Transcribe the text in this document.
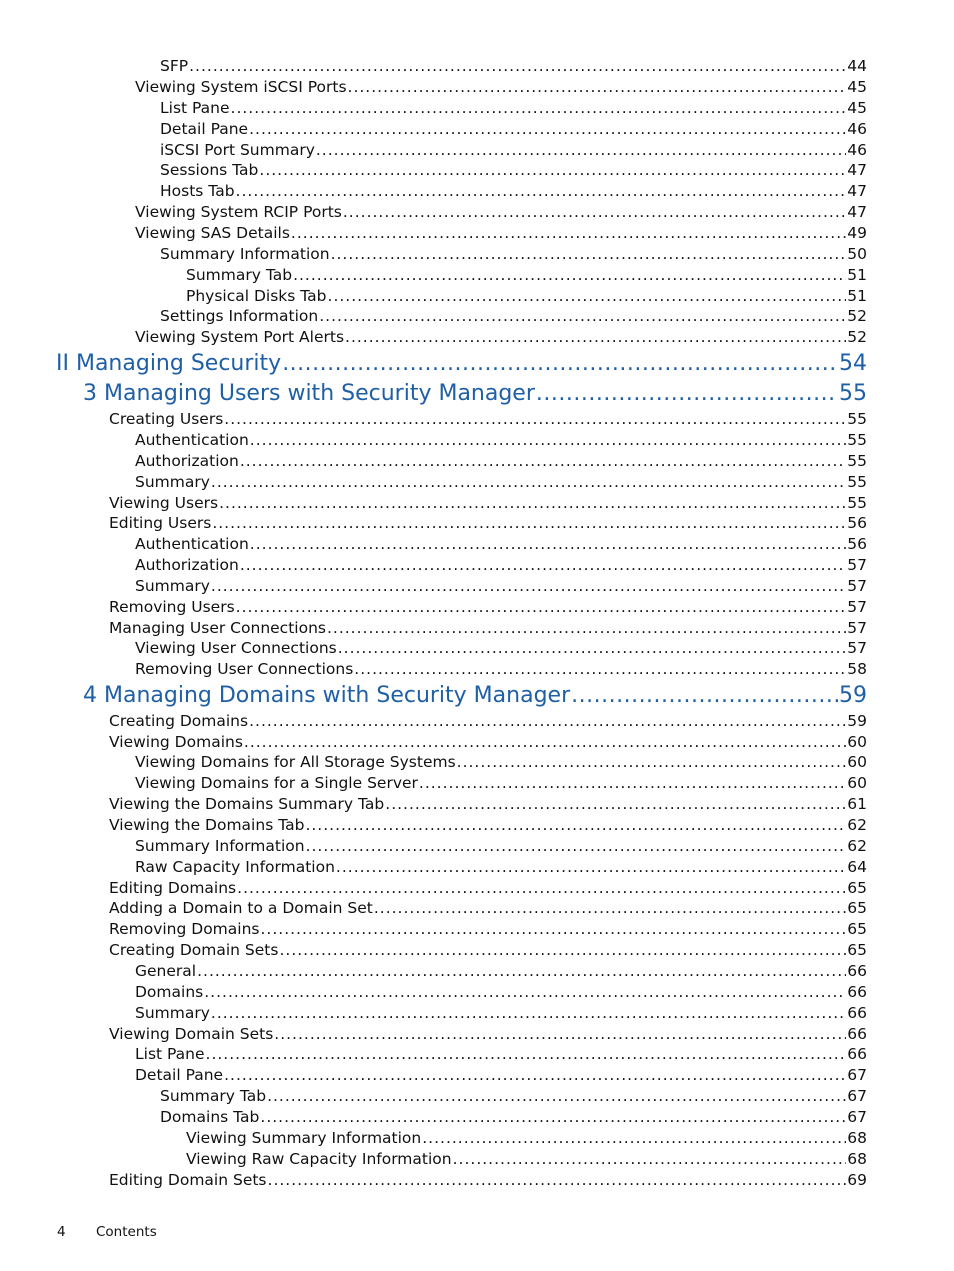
SFP .....	44
Viewing System iSCSI Ports .....	45
List Pane .....	45
Detail Pane .....	46
iSCSI Port Summary .....	46
Sessions Tab .....	47
Hosts Tab .....	47
Viewing System RCIP Ports .....	47
Viewing SAS Details .....	49
Summary Information .....	50
Summary Tab .....	51
Physical Disks Tab .....	51
Settings Information .....	52
Viewing System Port Alerts .....	52
II Managing Security .....	54
3 Managing Users with Security Manager .....	55
Creating Users .....	55
Authentication .....	55
Authorization .....	55
Summary .....	55
Viewing Users .....	55
Editing Users .....	56
Authentication .....	56
Authorization .....	57
Summary .....	57
Removing Users .....	57
Managing User Connections .....	57
Viewing User Connections .....	57
Removing User Connections .....	58
4 Managing Domains with Security Manager .....	59
Creating Domains .....	59
Viewing Domains .....	60
Viewing Domains for All Storage Systems .....	60
Viewing Domains for a Single Server .....	60
Viewing the Domains Summary Tab .....	61
Viewing the Domains Tab .....	62
Summary Information .....	62
Raw Capacity Information .....	64
Editing Domains .....	65
Adding a Domain to a Domain Set .....	65
Removing Domains .....	65
Creating Domain Sets .....	65
General .....	66
Domains .....	66
Summary .....	66
Viewing Domain Sets .....	66
List Pane .....	66
Detail Pane .....	67
Summary Tab .....	67
Domains Tab .....	67
Viewing Summary Information .....	68
Viewing Raw Capacity Information .....	68
Editing Domain Sets .....	69
4 Contents
